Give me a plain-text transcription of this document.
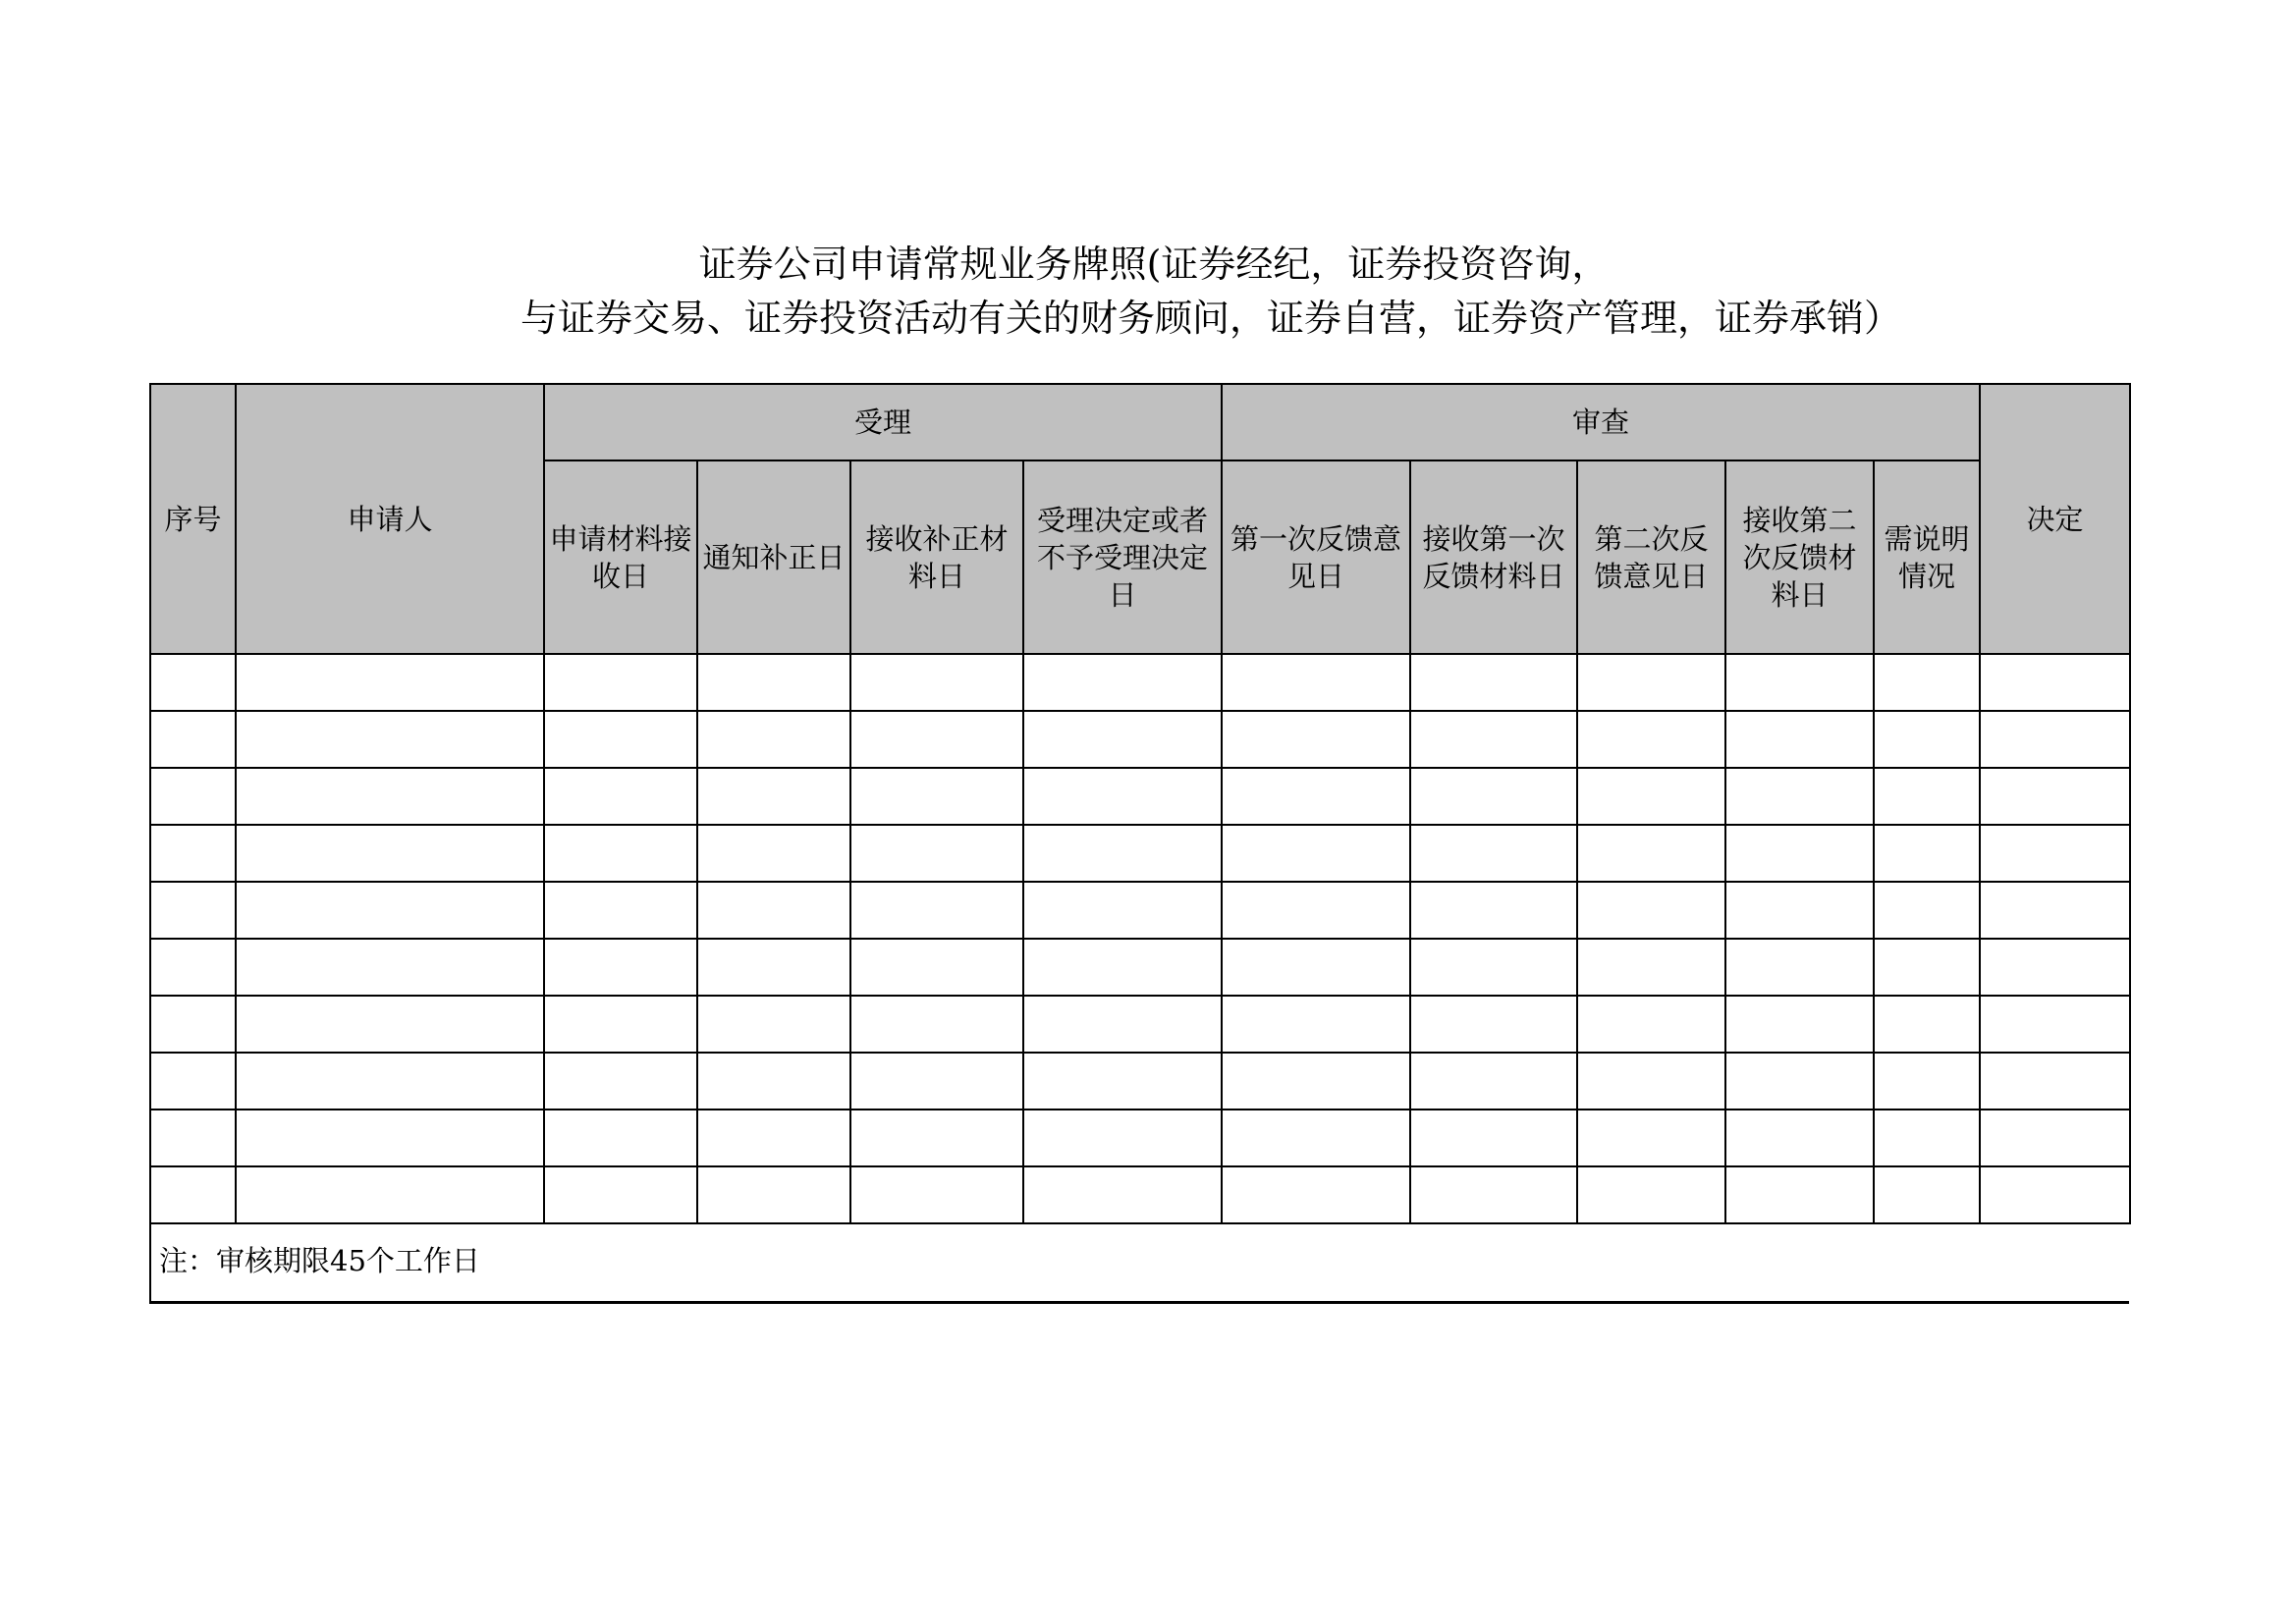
证券公司申请常规业务牌照(证券经纪，证券投资咨询，
与证券交易、证券投资活动有关的财务顾问，证券自营，证券资产管理，证券承销）
序号	申请人	受理				审查					决定
		申请材料接收日	通知补正日	接收补正材料日	受理决定或者不予受理决定日	第一次反馈意见日	接收第一次反馈材料日	第二次反馈意见日	接收第二次反馈材料日	需说明情况	

注：审核期限45个工作日
